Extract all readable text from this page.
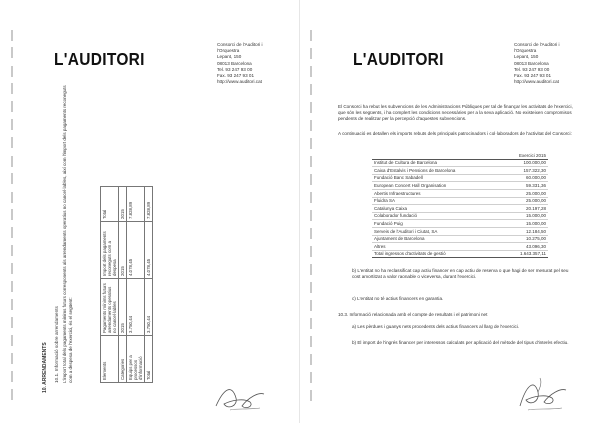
L'AUDITORI
Consorci de l'Auditori i
l'Orquestra
Lepant, 150
08013 Barcelona
Tel. 93 247 93 00
Fax. 93 247 93 01
http://www.auditori.cat
10. ARRENDAMENTS 10.1. Informació sobre arrendaments L'import total dels pagaments mínims futurs corresponents als arrendaments operatius no cancel·lables, així com l'import dels pagaments reconeguts com a despesa de l'exercici, és el següent:	Elements	Pagaments mínims futurs arrendaments operatius no cancel·lables	Import dels pagaments reconeguts com a despesa	Total
Categories	2015	2015	2015
Equips per a processos d'informació	3.750,44	4.078,45	7.828,89
Total	3.750,44	4.078,45	7.828,89
L'AUDITORI
Consorci de l'Auditori i
l'Orquestra
Lepant, 150
08013 Barcelona
Tel. 93 247 93 00
Fax. 93 247 93 01
http://www.auditori.cat
El Consorci ha rebut les subvencions de les Administracions Públiques per tal de finançar les activitats de l'exercici, que són les següents, i ha complert les condicions necessàries per a la seva aplicació. No existeixen compromisos pendents de realitzar per la percepció d'aquestes subvencions.
A continuació es detallen els imports rebuts dels principals patrocinadors i col·laboradors de l'activitat del Consorci:
	Exercici 2015
Institut de Cultura de Barcelona	100.000,00
Caixa d'Estalvis i Pensions de Barcelona	157.322,30
Fundació Banc Sabadell	60.000,00
European Concert Hall Organisation	59.331,36
Abertis Infraestructures	25.000,00
Fluidra SA	25.000,00
Catalunya Caixa	20.197,28
Colaborador fundació	15.000,00
Fundació Puig	15.000,00
Serveis de l'Auditori i Ciutat, SA	12.184,50
Ajuntament de Barcelona	10.275,00
Altres	43.096,30
Total ingressos d'activitats de gestió	1.643.357,11
b) L'entitat no ha reclassificat cap actiu financer en cap actiu de reserva o que hagi de ser mesurat pel seu cost amortitzat a valor raonable o viceversa, durant l'exercici.
c) L'entitat no té actius financers en garantia.
10.3. Informació relacionada amb el compte de resultats i el patrimoni net
a) Les pèrdues i guanys nets procedents dels actius financers al llarg de l'exercici.
b) El import de l'ingrés financer per interessos calculats per aplicació del mètode del tipus d'interès efectiu.
